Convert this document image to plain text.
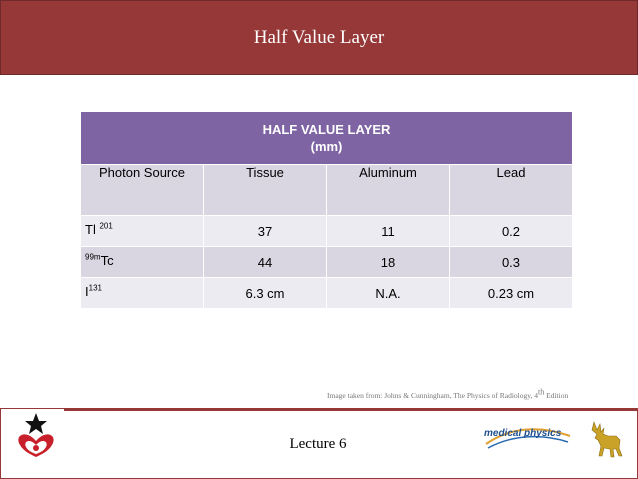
Half Value Layer
HALF VALUE LAYER
(mm)			

Photon Source	Tissue	Aluminum	Lead
Tl $^{201}$	37	11	0.2
$^{99m}$Tc	44	18	0.3
$I^{131}$	6.3 cm	N.A.	0.23 cm
Image taken from: Johns & Cunningham, The Physics of Radiology, 4th Edition
medical physics
Lecture 6
